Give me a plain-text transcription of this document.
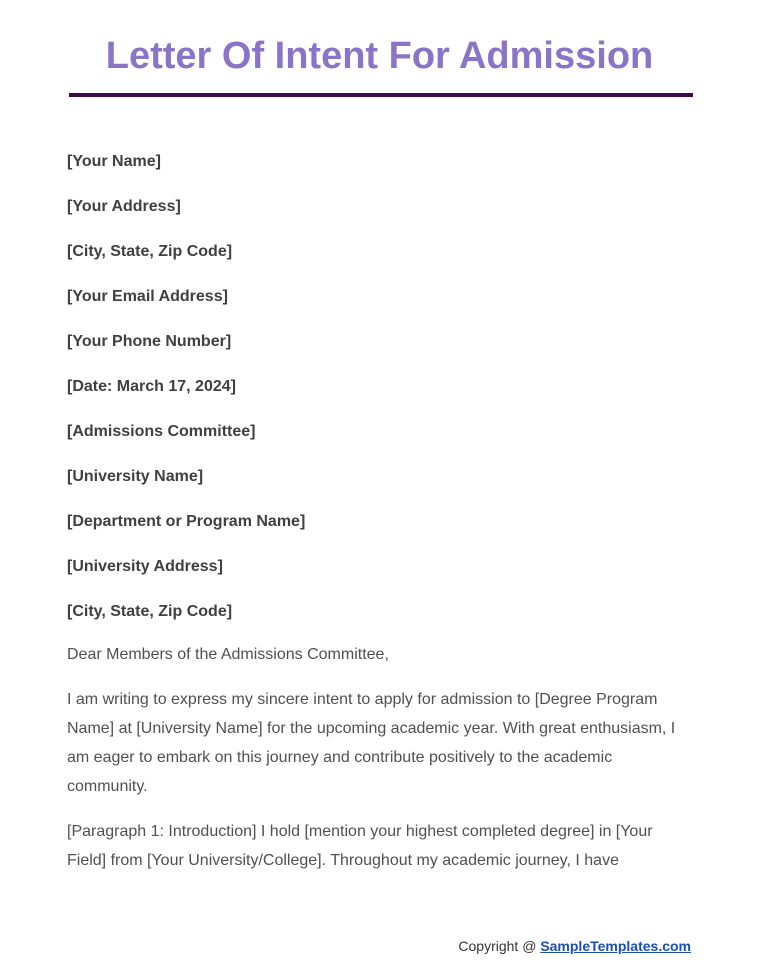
Letter Of Intent For Admission
[Your Name]
[Your Address]
[City, State, Zip Code]
[Your Email Address]
[Your Phone Number]
[Date: March 17, 2024]
[Admissions Committee]
[University Name]
[Department or Program Name]
[University Address]
[City, State, Zip Code]

Dear Members of the Admissions Committee,

I am writing to express my sincere intent to apply for admission to [Degree Program Name] at [University Name] for the upcoming academic year. With great enthusiasm, I am eager to embark on this journey and contribute positively to the academic community.

[Paragraph 1: Introduction] I hold [mention your highest completed degree] in [Your Field] from [Your University/College]. Throughout my academic journey, I have

Copyright @ SampleTemplates.com
